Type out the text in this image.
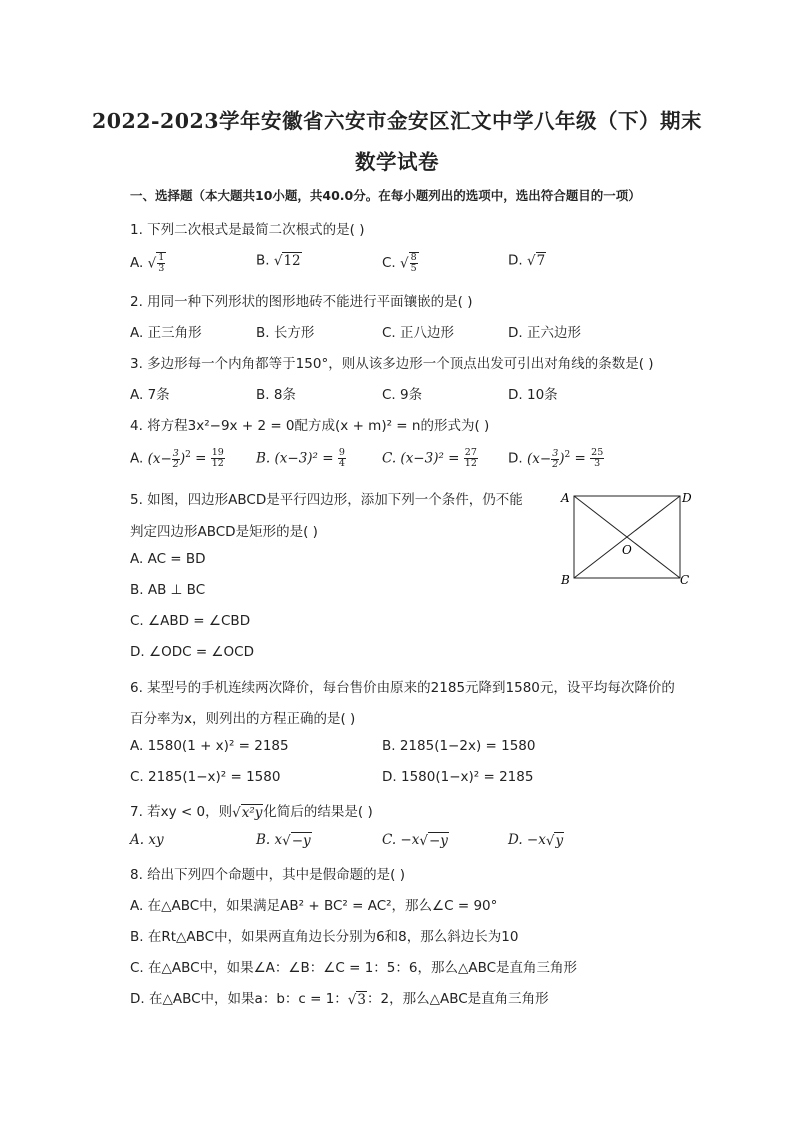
2022-2023学年安徽省六安市金安区汇文中学八年级（下）期末
数学试卷

一、选择题（本大题共10小题，共40.0分。在每小题列出的选项中，选出符合题目的一项）

1. 下列二次根式是最简二次根式的是( )

A. √ $\frac{1}{3}$	B. √12	C. √ $\frac{8}{5}$	D. √7

2. 用同一种下列形状的图形地砖不能进行平面镶嵌的是( )

A. 正三角形	B. 长方形	C. 正八边形	D. 正六边形

3. 多边形每一个内角都等于150°，则从该多边形一个顶点出发可引出对角线的条数是( )

A. 7条	B. 8条	C. 9条	D. 10条

4. 将方程3x²−9x + 2 = 0配方成(x + m)² = n的形式为( )

A. $(x- \frac{3}{2} )^2 = \frac{19}{12} B$. $(x-3)^2 = \frac{9}{4}$	C. $(x-3)^2 = \frac{27}{12} D$. $(x- \frac{3}{2} )^2 = \frac{25}{3}$

5. 如图，四边形ABCD是平行四边形，添加下列一个条件，仍不能

判定四边形ABCD是矩形的是( )

A. AC = BD

B. AB ⊥ BC

C. ∠ABD = ∠CBD

D. ∠ODC = ∠OCD

A	D
B	C
O

6. 某型号的手机连续两次降价，每台售价由原来的2185元降到1580元，设平均每次降价的

百分率为x，则列出的方程正确的是( )

A. 1580(1 + x)² = 2185	B. 2185(1−2x) = 1580
C. 2185(1−x)² = 1580	D. 1580(1−x)² = 2185

7. 若xy < 0，则√x²y化简后的结果是( )

A. xy	B. x√−y	C. −x√−y	D. −x√y

8. 给出下列四个命题中，其中是假命题的是( )

A. 在△ABC中，如果满足AB² + BC² = AC²，那么∠C = 90°

B. 在Rt△ABC中，如果两直角边长分别为6和8，那么斜边长为10

C. 在△ABC中，如果∠A：∠B：∠C = 1：5：6，那么△ABC是直角三角形

D. 在△ABC中，如果a：b：c = 1：√3：2，那么△ABC是直角三角形
